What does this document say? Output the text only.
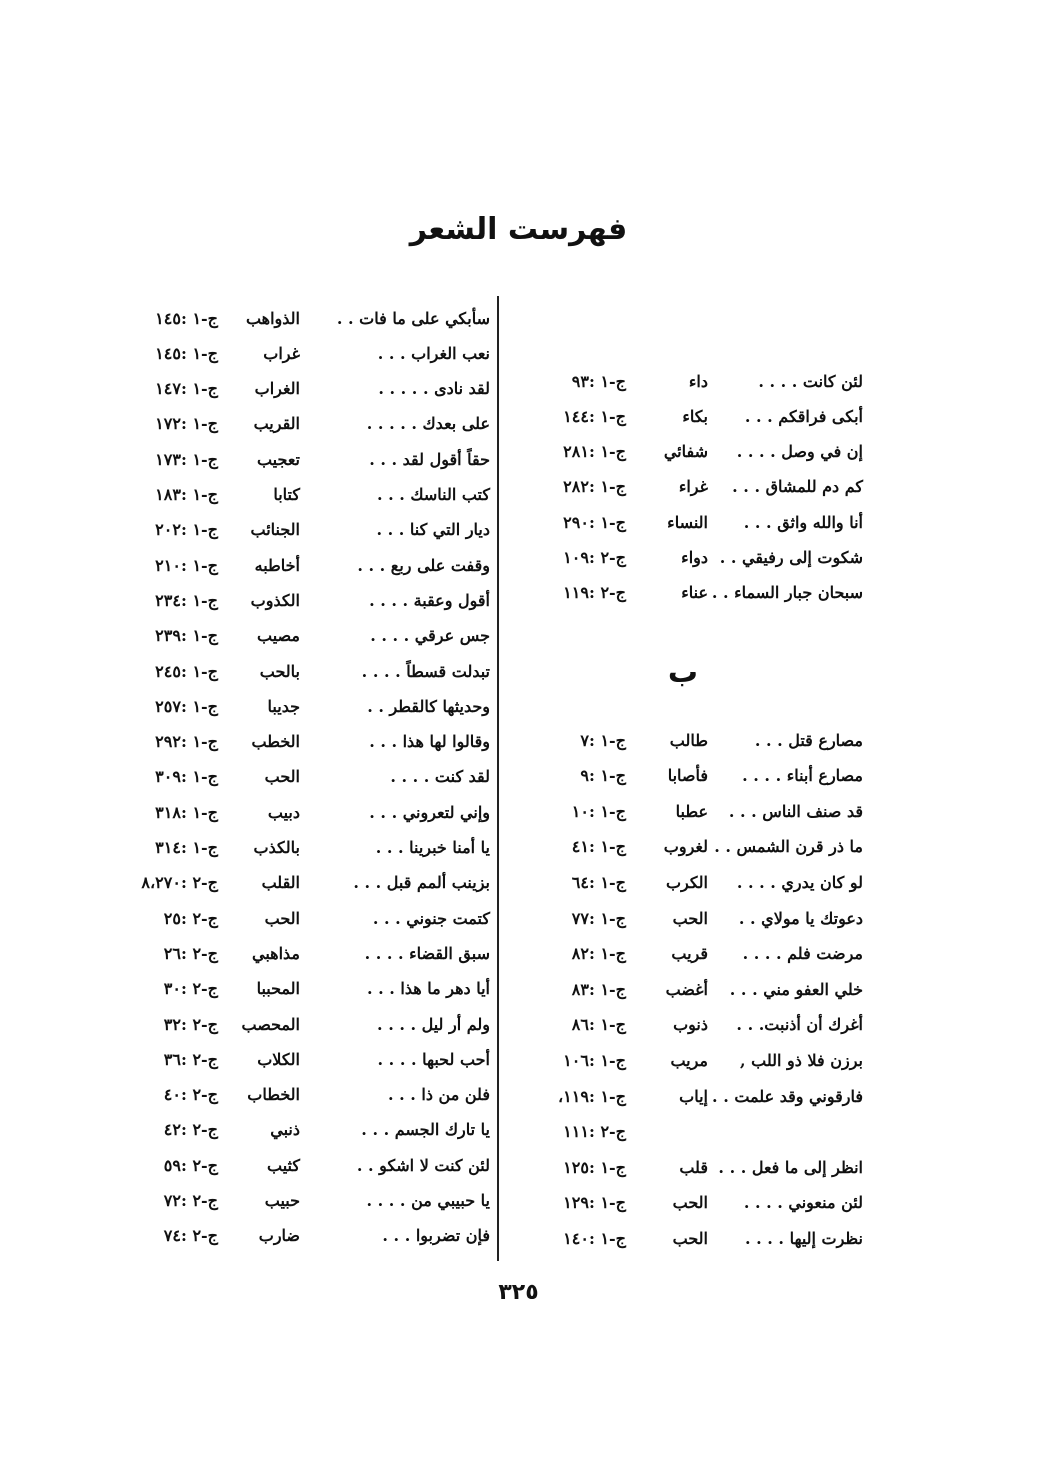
فهرست الشعر
لئن كانت . . . .
داء
ج-١ :٩٣
أبكى فراقكم . . .
بكاء
ج-١ :١٤٤
إن في وصل . . . .
شفائي
ج-١ :٢٨١
كم دم للمشاق . . .
غراء
ج-١ :٢٨٢
أنا والله واثق . . .
النساء
ج-١ :٢٩٠
شكوت إلى رفيقي . .
دواء
ج-٢ :١٠٩
سبحان جبار السماء . .
عناء
ج-٢ :١١٩
ب
مصارع قتل . . .
طالب
ج-١ :٧
مصارع أبناء . . . .
فأصابا
ج-١ :٩
قد صنف الناس . . .
عطبا
ج-١ :١٠
ما ذر قرن الشمس . .
لغروب
ج-١ :٤١
لو كان يدري . . . .
الكرب
ج-١ :٦٤
دعوتك يا مولاي . .
الحب
ج-١ :٧٧
مرضت فلم . . . .
قريب
ج-١ :٨٢
خلي العفو مني . . .
أغضب
ج-١ :٨٣
أغرك أن أذنبت. . .
ذنوب
ج-١ :٨٦
برزن فلا ذو اللب ,
مريب
ج-١ :١٠٦
فارقوني وقد علمت . .
إياب
ج-١ :١١٩،
ج-٢ :١١١
انظر إلى ما فعل . . .
قلب
ج-١ :١٢٥
لئن منعوني . . . .
الحب
ج-١ :١٢٩
نظرت إليها . . . .
الحب
ج-١ :١٤٠
سأبكي على ما فات . .
الذواهب
ج-١ :١٤٥
نعب الغراب . . .
غراب
ج-١ :١٤٥
لقد نادى . . . . .
الغراب
ج-١ :١٤٧
على بعدك . . . . .
القريب
ج-١ :١٧٢
حقاً أقول لقد . . .
تعجيب
ج-١ :١٧٣
كتب الناسك . . .
كتابا
ج-١ :١٨٣
ديار التي كنا . . .
الجنائب
ج-١ :٢٠٢
وقفت على ربع . . .
أخاطبه
ج-١ :٢١٠
أقول وعقبة . . . .
الكذوب
ج-١ :٢٣٤
جس عرقي . . . .
مصيب
ج-١ :٢٣٩
تبدلت قسطاً . . . .
بالحب
ج-١ :٢٤٥
وحديثها كالقطر . .
جديبا
ج-١ :٢٥٧
وقالوا لها هذا . . .
الخطب
ج-١ :٢٩٢
لقد كنت . . . .
الحب
ج-١ :٣٠٩
وإني لتعروني . . .
دبيب
ج-١ :٣١٨
يا أمنا خبرينا . . .
بالكذب
ج-١ :٣١٤
بزينب ألمم قبل . . .
القلب
ج-٢ :٨،٢٧٠
كتمت جنوني . . .
الحب
ج-٢ :٢٥
سبق القضاء . . . .
مذاهبي
ج-٢ :٢٦
أيا دهر ما هذا . . .
المحببا
ج-٢ :٣٠
ولم أر ليل . . . .
المحصب
ج-٢ :٣٢
أحب لحبها . . . .
الكلاب
ج-٢ :٣٦
فلن من ذا . . .
الخطاب
ج-٢ :٤٠
يا تارك الجسم . . .
ذنبي
ج-٢ :٤٢
لئن كنت لا اشكو . .
كثيب
ج-٢ :٥٩
يا حبيبي من . . . .
حبيب
ج-٢ :٧٢
فإن تضربوا . . .
ضارب
ج-٢ :٧٤
٣٢٥
